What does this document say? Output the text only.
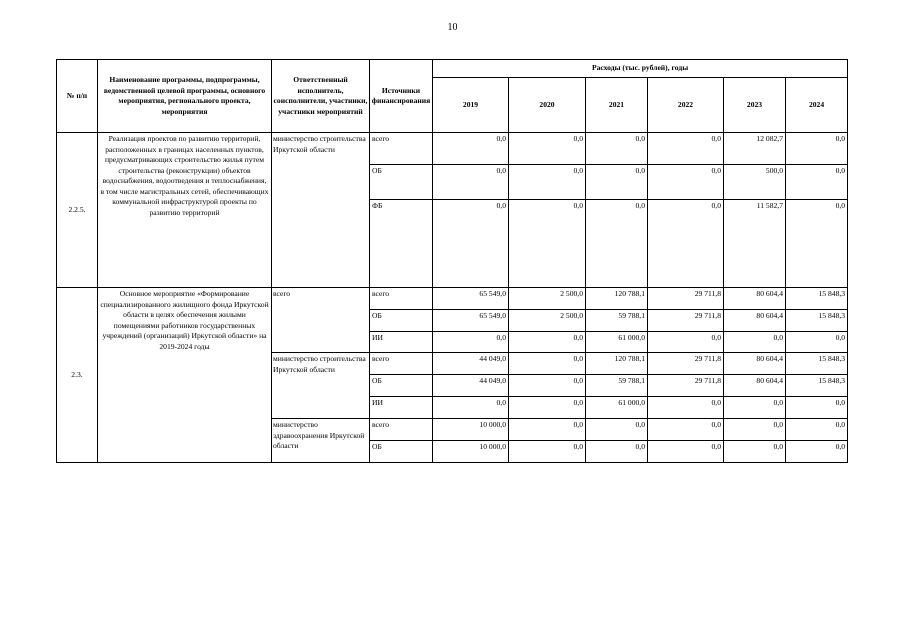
10
№ п/п	Наименование программы, подпрограммы, ведомственной целевой программы, основного мероприятия, регионального проекта, мероприятия	Ответственный исполнитель, соисполнители, участники, участники мероприятий	Источники финансирования	Расходы (тыс. рублей), годы					
				2019	2020	2021	2022	2023	2024
2.2.5.	Реализация проектов по развитию территорий, расположенных в границах населенных пунктов, предусматривающих строительство жилья путем строительства (реконструкции) объектов водоснабжения, водоотведения и теплоснабжения, в том числе магистральных сетей, обеспечивающих коммунальной инфраструктурой проекты по развитию территорий	министерство строительства Иркутской области	всего	0,0	0,0	0,0	0,0	12 082,7	0,0
			ОБ	0,0	0,0	0,0	0,0	500,0	0,0
			ФБ	0,0	0,0	0,0	0,0	11 582,7	0,0
2.3.	Основное мероприятие «Формирование специализированного жилищного фонда Иркутской области в целях обеспечения жилыми помещениями работников государственных учреждений (организаций) Иркутской области» на 2019-2024 годы	всего	всего	65 549,0	2 500,0	120 788,1	29 711,8	80 604,4	15 848,3
			ОБ	65 549,0	2 500,0	59 788,1	29 711,8	80 604,4	15 848,3
			ИИ	0,0	0,0	61 000,0	0,0	0,0	0,0
		министерство строительства Иркутской области	всего	44 049,0	0,0	120 788,1	29 711,8	80 604,4	15 848,3
			ОБ	44 049,0	0,0	59 788,1	29 711,8	80 604,4	15 848,3
			ИИ	0,0	0,0	61 000,0	0,0	0,0	0,0
		министерство здравоохранения Иркутской области	всего	10 000,0	0,0	0,0	0,0	0,0	0,0
			ОБ	10 000,0	0,0	0,0	0,0	0,0	0,0
